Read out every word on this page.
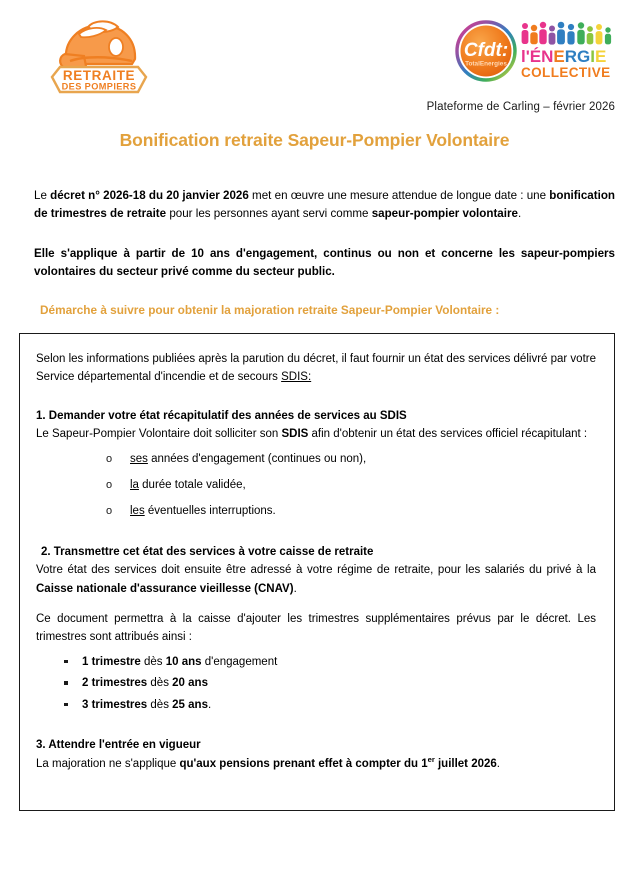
RETRAITE
DES POMPIERS
Cfdt:
TotalEnergies l'ÉNERGIE
COLLECTIVE
Plateforme de Carling – février 2026
Bonification retraite Sapeur-Pompier Volontaire

Le décret n° 2026-18 du 20 janvier 2026 met en œuvre une mesure attendue de longue date : une bonification de trimestres de retraite pour les personnes ayant servi comme sapeur-pompier volontaire.

Elle s'applique à partir de 10 ans d'engagement, continus ou non et concerne les sapeur-pompiers volontaires du secteur privé comme du secteur public.

Démarche à suivre pour obtenir la majoration retraite Sapeur-Pompier Volontaire :

Selon les informations publiées après la parution du décret, il faut fournir un état des services délivré par votre Service départemental d'incendie et de secours SDIS:

1. Demander votre état récapitulatif des années de services au SDIS

Le Sapeur-Pompier Volontaire doit solliciter son SDIS afin d'obtenir un état des services officiel récapitulant :

o ses années d'engagement (continues ou non),
o la durée totale validée,
o les éventuelles interruptions.

2. Transmettre cet état des services à votre caisse de retraite

Votre état des services doit ensuite être adressé à votre régime de retraite, pour les salariés du privé à la Caisse nationale d'assurance vieillesse (CNAV).

Ce document permettra à la caisse d'ajouter les trimestres supplémentaires prévus par le décret. Les trimestres sont attribués ainsi :

1 trimestre dès 10 ans d'engagement
2 trimestres dès 20 ans
3 trimestres dès 25 ans.

3. Attendre l'entrée en vigueur

La majoration ne s'applique qu'aux pensions prenant effet à compter du 1er juillet 2026.
